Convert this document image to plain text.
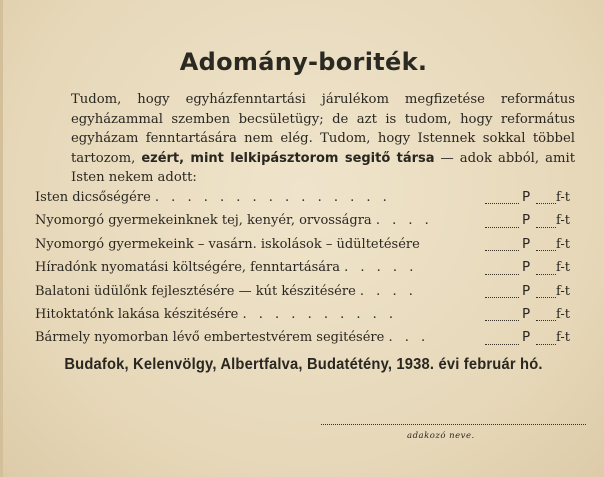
Adomány-boriték.

Tudom, hogy egyházfenntartási járulékom megfizetése református egyházammal szemben becsületügy; de azt is tudom, hogy református egyházam fenntartására nem elég. Tudom, hogy Istennek sokkal többel tartozom, ezért, mint lelkipásztorom segitő társa — adok abból, amit Isten nekem adott:

Isten dicsőségére . . . . . . . . . . . . . . .	P f-t
Nyomorgó gyermekeinknek tej, kenyér, orvosságra . . . .	P f-t
Nyomorgó gyermekeink – vasárn. iskolások – üdültetésére	P f-t
Híradónk nyomatási költségére, fenntartására . . . . .	P f-t
Balatoni üdülőnk fejlesztésére — kút készitésére . . . .	P f-t
Hitoktatónk lakása készitésére . . . . . . . . . .	P f-t
Bármely nyomorban lévő embertestvérem segitésére . . .	P f-t
Budafok, Kelenvölgy, Albertfalva, Budatétény, 1938. évi február hó.
adakozó neve.
